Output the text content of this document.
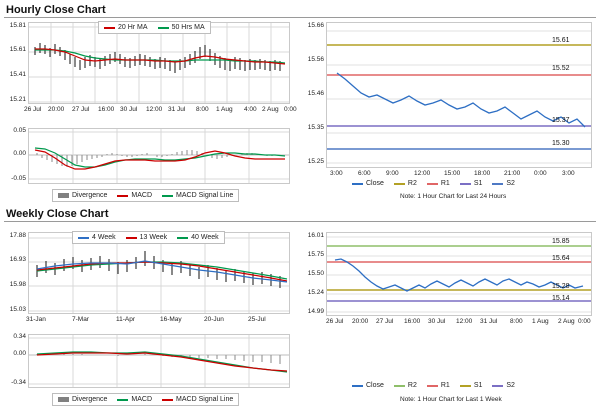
Hourly Close Chart
15.81
15.61
15.41
15.21
20 Hr MA	50 Hrs MA
26 Jul 20:00 27 Jul 16:00 30 Jul 12:00 31 Jul 8:00 1 Aug 4:00 2 Aug 0:00
0.05
0.00
-0.05
Divergence	MACD	MACD Signal Line
15.66
15.56
15.46
15.35
15.25
15.61
15.52
15.37
15.30
3:00 6:00 9:00 12:00 15:00 18:00 21:00 0:00 3:00
Close	R2	R1	S1	S2
Note: 1 Hour Chart for Last 24 Hours
Weekly Close Chart
17.88
16.93
15.98
15.03
4 Week	13 Week	40 Week
31-Jan	7-Mar	11-Apr	16-May	20-Jun	25-Jul
0.34
0.00
-0.34
Divergence	MACD	MACD Signal Line
16.01
15.75
15.50
15.24
14.99
15.85
15.64
15.28
15.14
26 Jul 20:00 27 Jul 16:00 30 Jul 12:00 31 Jul 8:00 1 Aug 2 Aug 0:00
Close	R2	R1	S1	S2
Note: 1 Hour Chart for Last 1 Week
